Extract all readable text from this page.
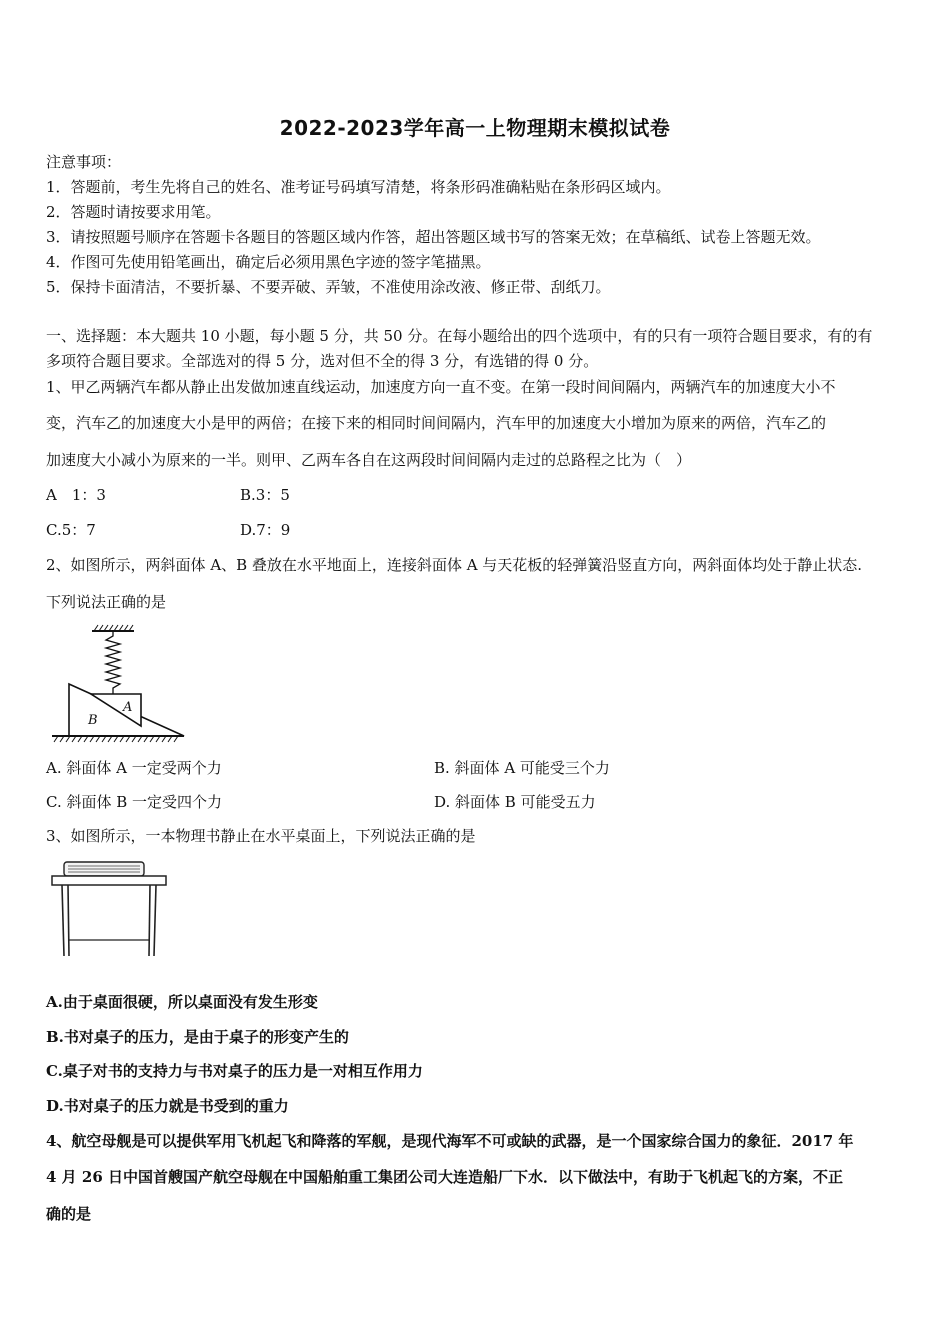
2022-2023学年高一上物理期末模拟试卷
注意事项：
1．答题前，考生先将自己的姓名、准考证号码填写清楚，将条形码准确粘贴在条形码区域内。
2．答题时请按要求用笔。
3．请按照题号顺序在答题卡各题目的答题区域内作答，超出答题区域书写的答案无效；在草稿纸、试卷上答题无效。
4．作图可先使用铅笔画出，确定后必须用黑色字迹的签字笔描黑。
5．保持卡面清洁，不要折暴、不要弄破、弄皱，不准使用涂改液、修正带、刮纸刀。
一、选择题：本大题共 10 小题，每小题 5 分，共 50 分。在每小题给出的四个选项中，有的只有一项符合题目要求，有的有
多项符合题目要求。全部选对的得 5 分，选对但不全的得 3 分，有选错的得 0 分。
1、甲乙两辆汽车都从静止出发做加速直线运动，加速度方向一直不变。在第一段时间间隔内，两辆汽车的加速度大小不
变，汽车乙的加速度大小是甲的两倍；在接下来的相同时间间隔内，汽车甲的加速度大小增加为原来的两倍，汽车乙的
加速度大小减小为原来的一半。则甲、乙两车各自在这两段时间间隔内走过的总路程之比为（　）
A　1：3	B.3：5
C.5：7	D.7：9
2、如图所示，两斜面体 A、B 叠放在水平地面上，连接斜面体 A 与天花板的轻弹簧沿竖直方向，两斜面体均处于静止状态.
下列说法正确的是
A
B
A. 斜面体 A 一定受两个力	B. 斜面体 A 可能受三个力
C. 斜面体 B 一定受四个力	D. 斜面体 B 可能受五力
3、如图所示，一本物理书静止在水平桌面上，下列说法正确的是
A.由于桌面很硬，所以桌面没有发生形变
B.书对桌子的压力，是由于桌子的形变产生的
C.桌子对书的支持力与书对桌子的压力是一对相互作用力
D.书对桌子的压力就是书受到的重力
4、航空母舰是可以提供军用飞机起飞和降落的军舰，是现代海军不可或缺的武器，是一个国家综合国力的象征．2017 年
4 月 26 日中国首艘国产航空母舰在中国船舶重工集团公司大连造船厂下水．以下做法中，有助于飞机起飞的方案，不正
确的是
